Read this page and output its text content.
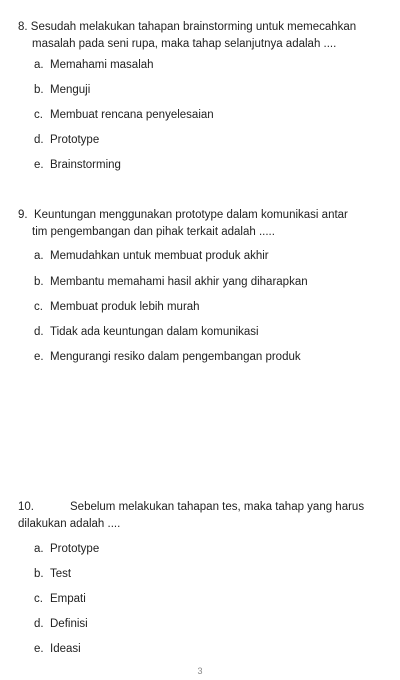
8. Sesudah melakukan tahapan brainstorming untuk memecahkan
masalah pada seni rupa, maka tahap selanjutnya adalah ....
a. Memahami masalah
b. Menguji
c. Membuat rencana penyelesaian
d. Prototype
e. Brainstorming
9. Keuntungan menggunakan prototype dalam komunikasi antar
tim pengembangan dan pihak terkait adalah .....
a. Memudahkan untuk membuat produk akhir
b. Membantu memahami hasil akhir yang diharapkan
c. Membuat produk lebih murah
d. Tidak ada keuntungan dalam komunikasi
e. Mengurangi resiko dalam pengembangan produk
10.	Sebelum melakukan tahapan tes, maka tahap yang harus
dilakukan adalah ....
a. Prototype
b. Test
c. Empati
d. Definisi
e. Ideasi
3
